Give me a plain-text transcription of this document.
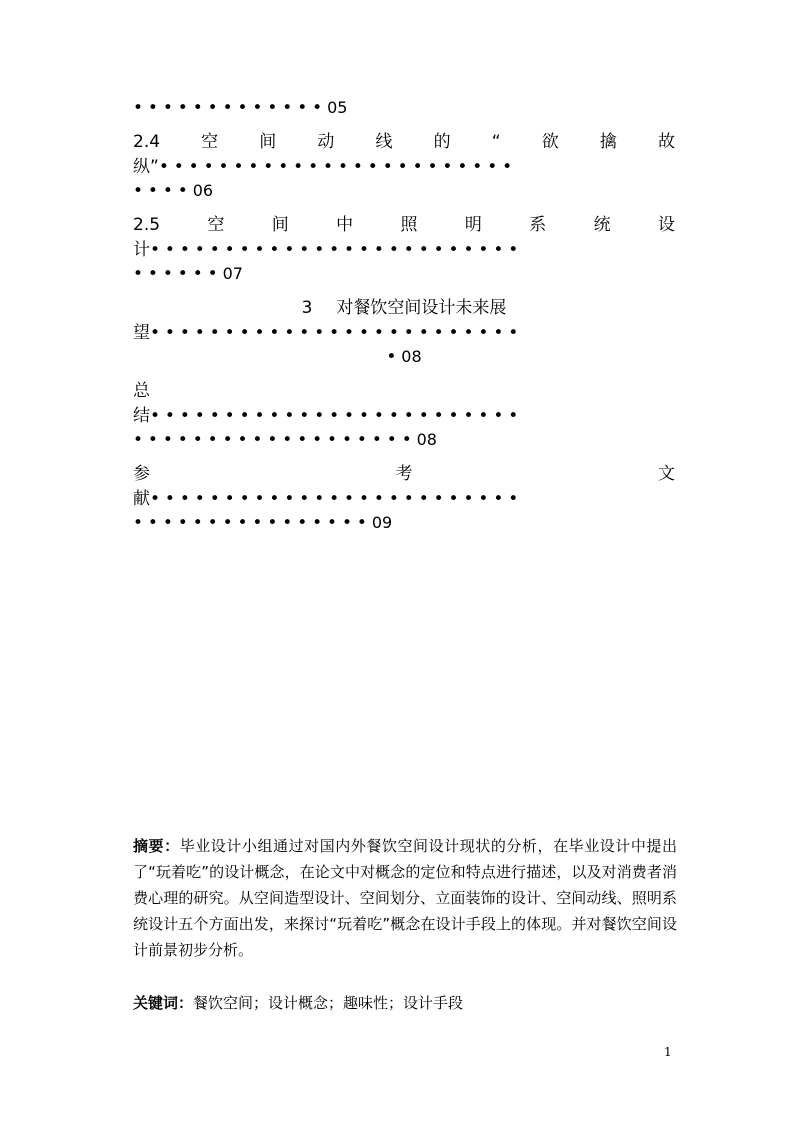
•••••••••••••05
2.4 空 间 动 线 的 “ 欲 擒 故
纵”••••••••••••••••••••••••
••••06
2.5	空	间	中	照	明	系	统	设
计•••••••••••••••••••••••••
••••••07
3 对餐饮空间设计未来展
望•••••••••••••••••••••••••
•08
总
结•••••••••••••••••••••••••
•••••••••••••••••••08
参	考	文
献•••••••••••••••••••••••••
••••••••••••••••09
摘要：毕业设计小组通过对国内外餐饮空间设计现状的分析，在毕业设计中提出了“玩着吃”的设计概念，在论文中对概念的定位和特点进行描述，以及对消费者消费心理的研究。从空间造型设计、空间划分、立面装饰的设计、空间动线、照明系统设计五个方面出发，来探讨“玩着吃”概念在设计手段上的体现。并对餐饮空间设计前景初步分析。
关键词：餐饮空间；设计概念；趣味性；设计手段
1
